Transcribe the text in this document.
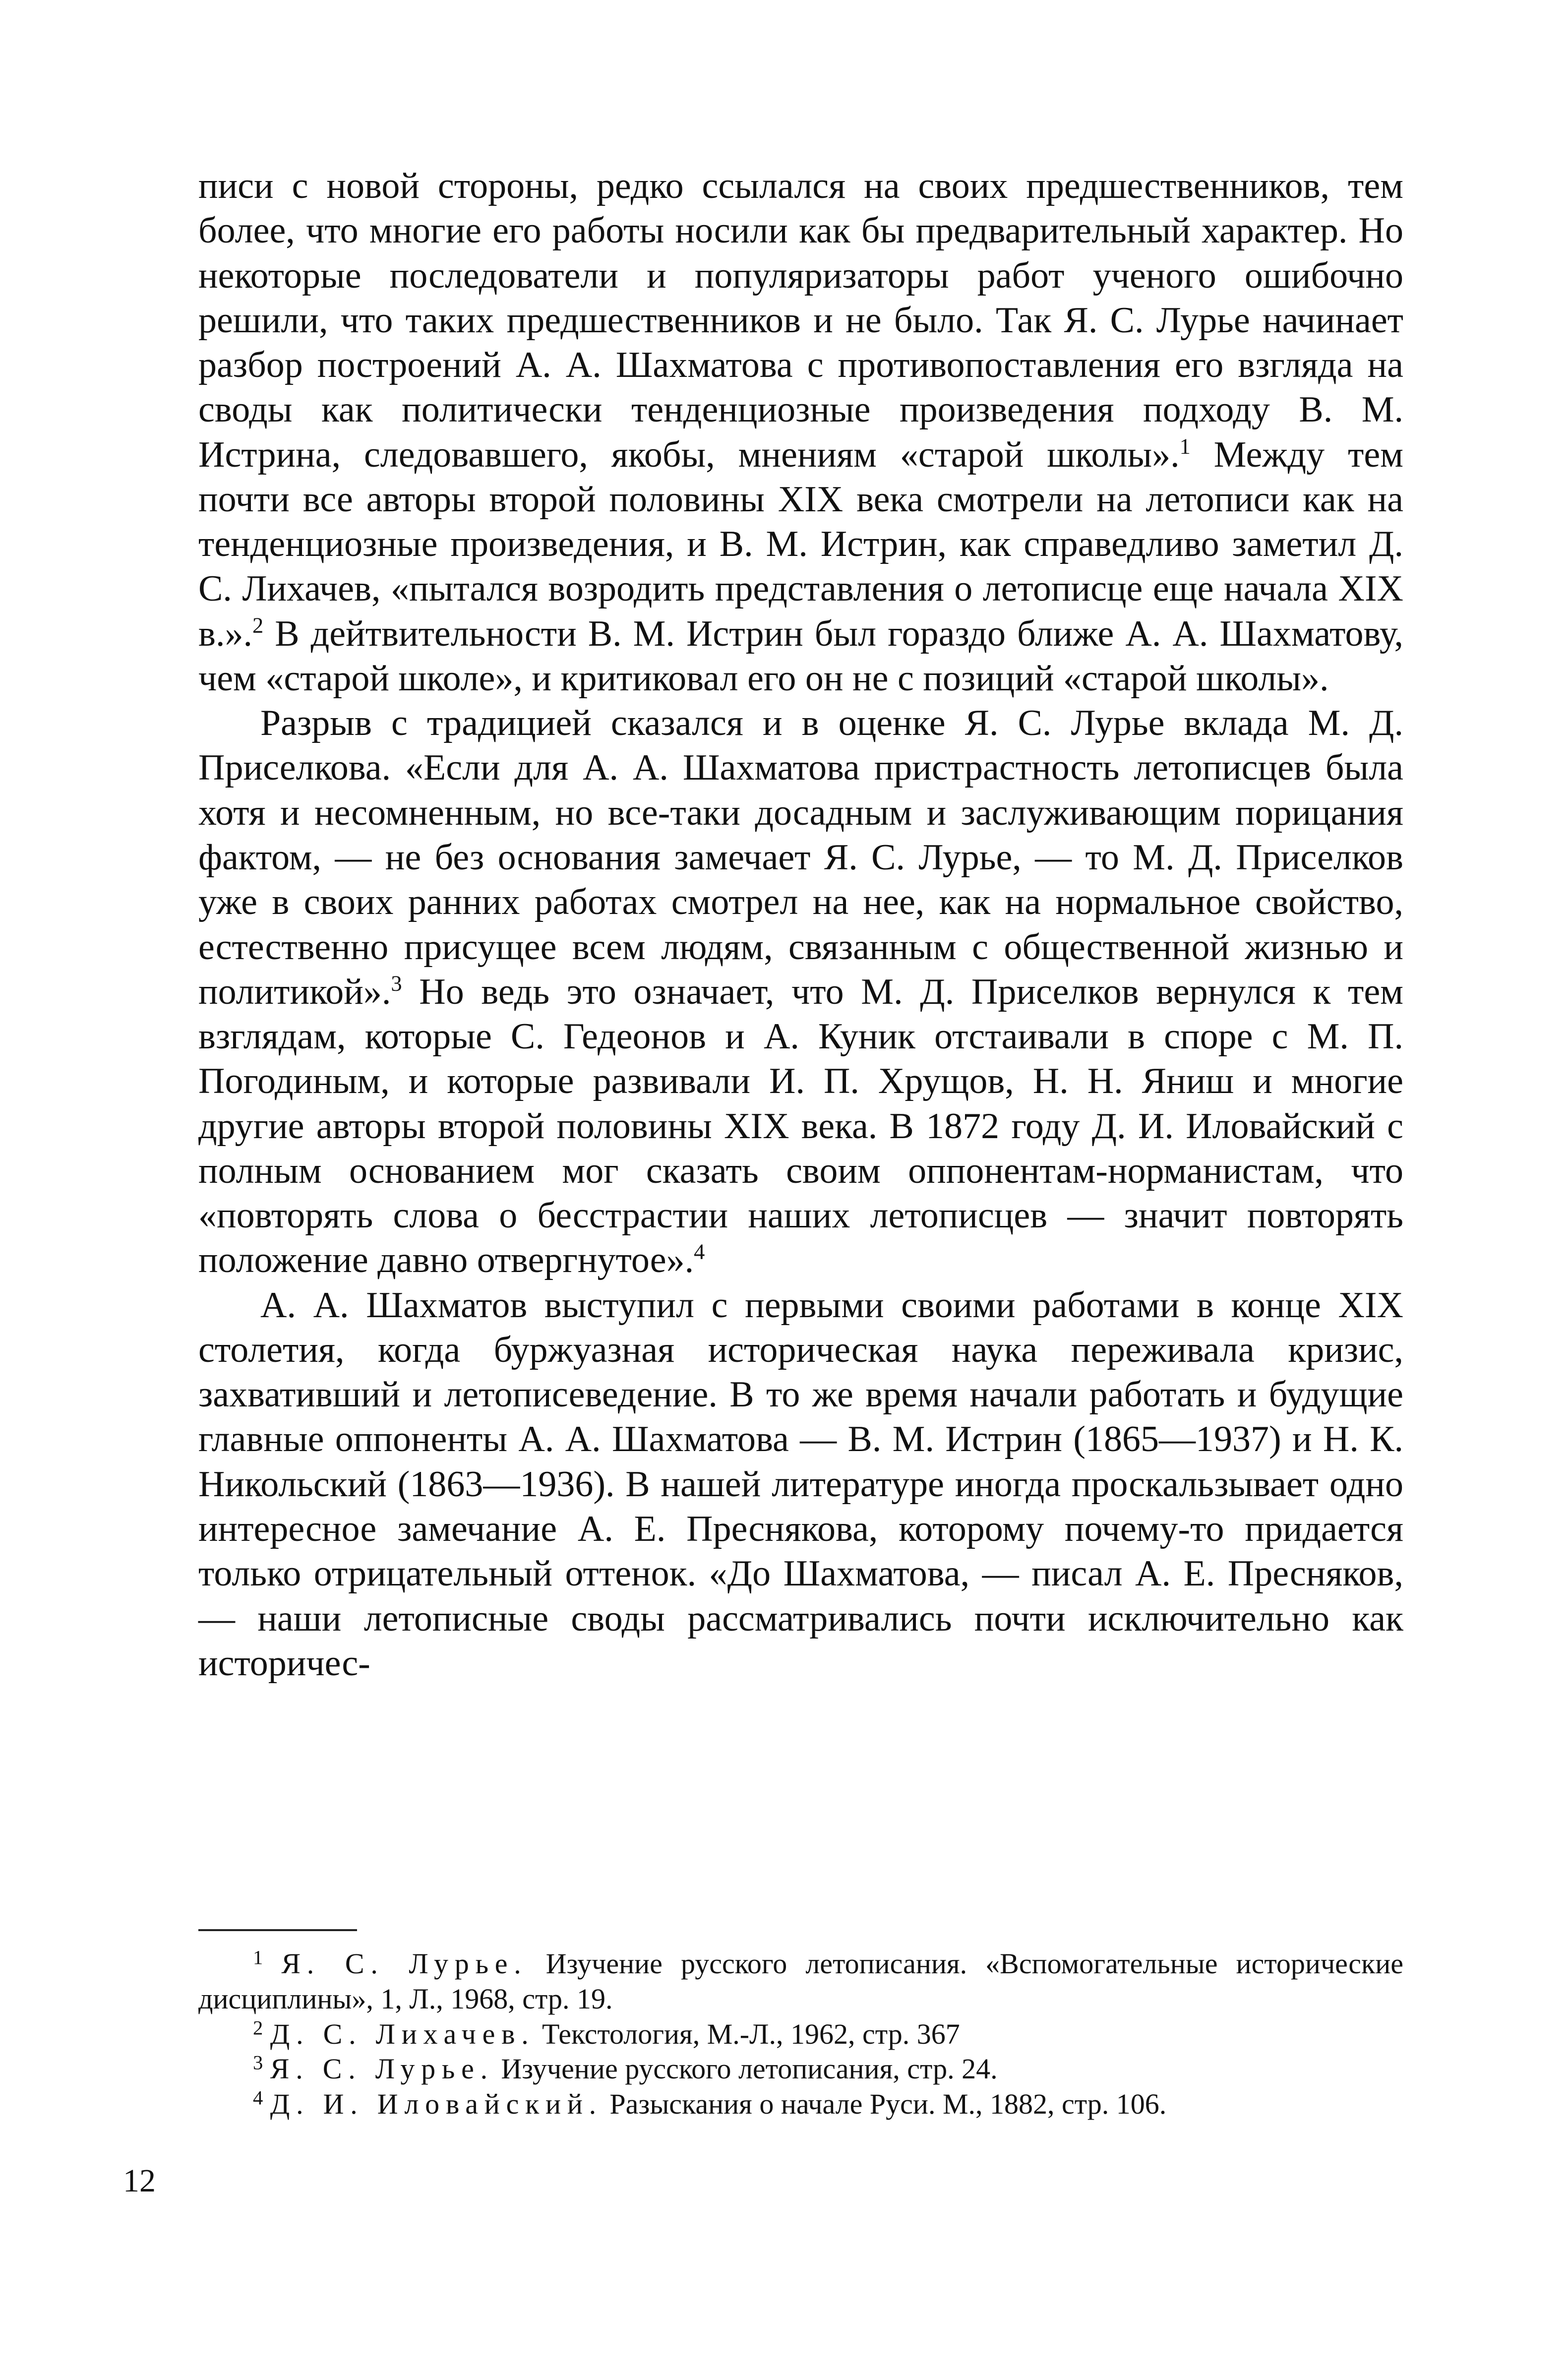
писи с новой стороны, редко ссылался на своих предшественников, тем более, что многие его работы носили как бы предварительный характер. Но некоторые последователи и популяризаторы работ ученого ошибочно решили, что таких предшественников и не было. Так Я. С. Лурье начинает разбор построений А. А. Шахматова с противопоставления его взгляда на своды как политически тенденциозные произведения подходу В. М. Истрина, следовавшего, якобы, мнениям «старой школы».$^1$ Между тем почти все авторы второй половины XIX века смотрели на летописи как на тенденциозные произведения, и В. М. Истрин, как справедливо заметил Д. С. Лихачев, «пытался возродить представления о летописце еще начала XIX в.».$^2$ В дейтвительности В. М. Истрин был гораздо ближе А. А. Шахматову, чем «старой школе», и критиковал его он не с позиций «старой школы».

Разрыв с традицией сказался и в оценке Я. С. Лурье вклада М. Д. Приселкова. «Если для А. А. Шахматова пристрастность летописцев была хотя и несомненным, но все-таки досадным и заслуживающим порицания фактом, — не без основания замечает Я. С. Лурье, — то М. Д. Приселков уже в своих ранних работах смотрел на нее, как на нормальное свойство, естественно присущее всем людям, связанным с общественной жизнью и политикой».$^3$ Но ведь это означает, что М. Д. Приселков вернулся к тем взглядам, которые С. Гедеонов и А. Куник отстаивали в споре с М. П. Погодиным, и которые развивали И. П. Хрущов, Н. Н. Яниш и многие другие авторы второй половины XIX века. В 1872 году Д. И. Иловайский с полным основанием мог сказать своим оппонентам-норманистам, что «повторять слова о бесстрастии наших летописцев — значит повторять положение давно отвергнутое».$^4$

А. А. Шахматов выступил с первыми своими работами в конце XIX столетия, когда буржуазная историческая наука переживала кризис, захвативший и летописеведение. В то же время начали работать и будущие главные оппоненты А. А. Шахматова — В. М. Истрин (1865—1937) и Н. К. Никольский (1863—1936). В нашей литературе иногда проскальзывает одно интересное замечание А. Е. Преснякова, которому почему-то придается только отрицательный оттенок. «До Шахматова, — писал А. Е. Пресняков, — наши летописные своды рассматривались почти исключительно как историчес-

$^1$ Я. С. Лурье. Изучение русского летописания. «Вспомогательные исторические дисциплины», 1, Л., 1968, стр. 19.

$^2$ Д. С. Лихачев. Текстология, М.-Л., 1962, стр. 367

$^3$ Я. С. Лурье. Изучение русского летописания, стр. 24.

$^4$ Д. И. Иловайский. Разыскания о начале Руси. М., 1882, стр. 106.

12
